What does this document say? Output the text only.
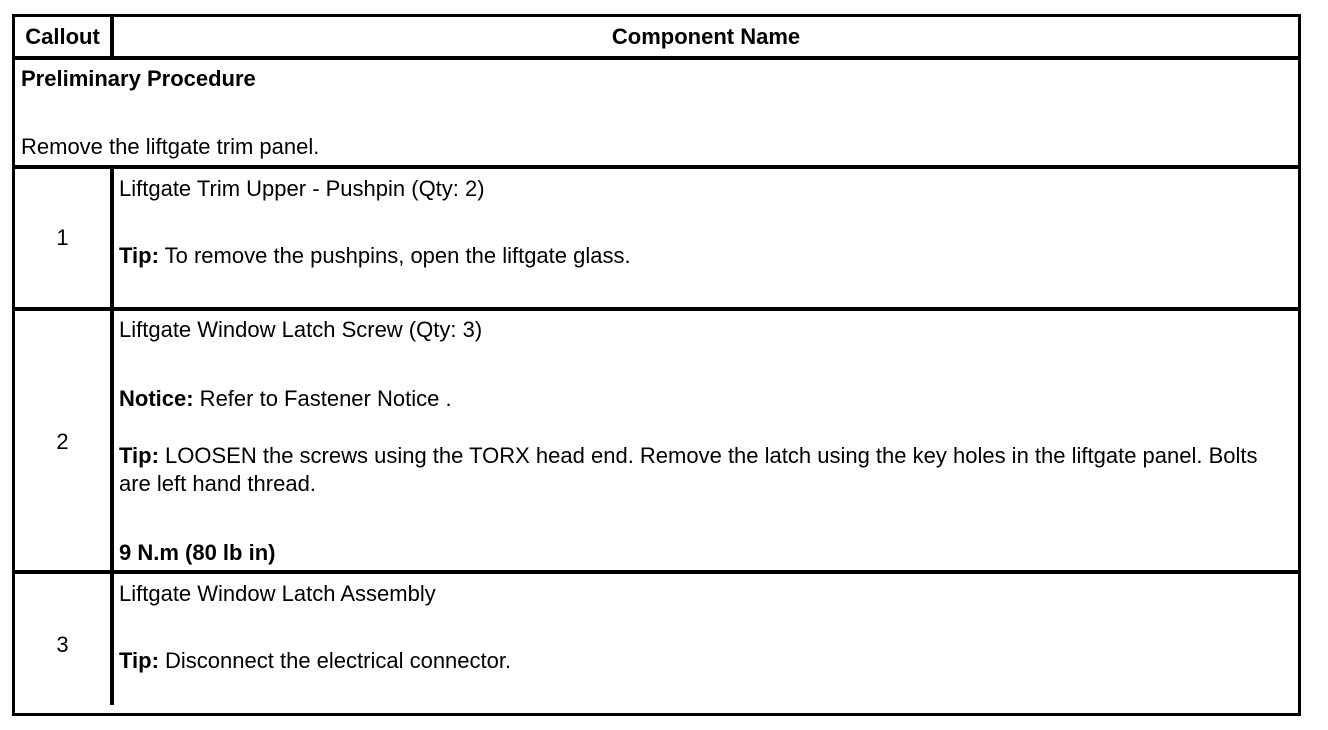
Callout	Component Name
Preliminary Procedure
Remove the liftgate trim panel.
1
Liftgate Trim Upper - Pushpin (Qty: 2)
Tip: To remove the pushpins, open the liftgate glass.
2
Liftgate Window Latch Screw (Qty: 3)
Notice: Refer to Fastener Notice .
Tip: LOOSEN the screws using the TORX head end. Remove the latch using the key holes in the liftgate panel. Bolts are left hand thread.
9 N.m (80 lb in)
3
Liftgate Window Latch Assembly
Tip: Disconnect the electrical connector.
